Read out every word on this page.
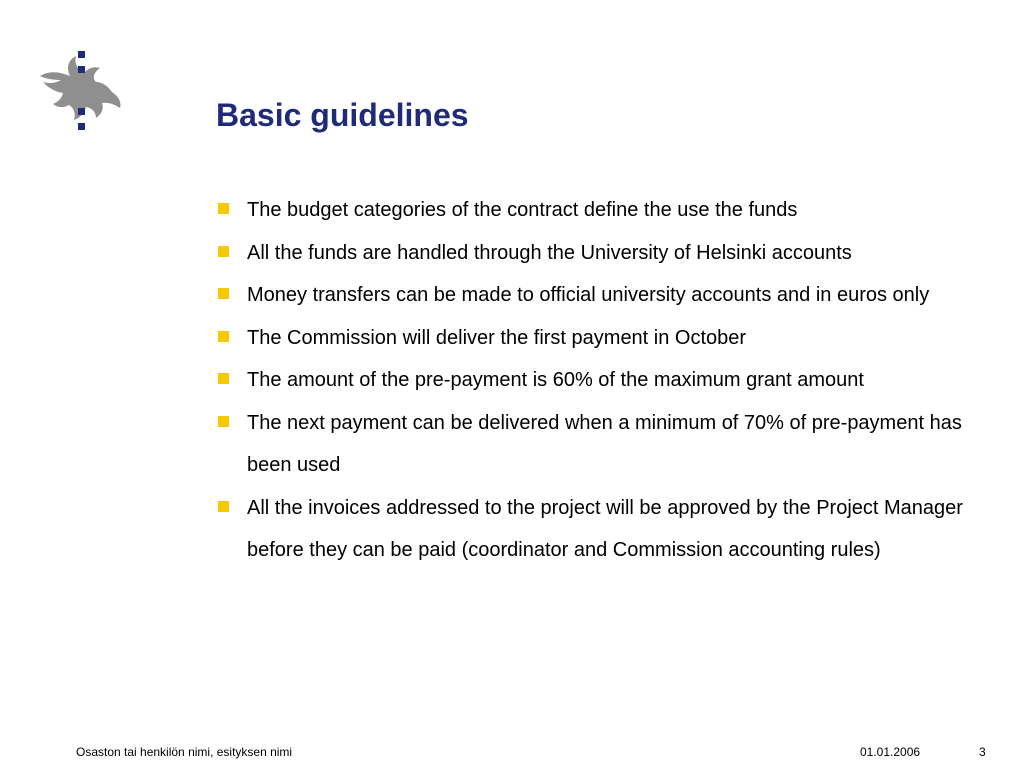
Basic guidelines
The budget categories of the contract define the use the funds
All the funds are handled through the University of Helsinki accounts
Money transfers can be made to official university accounts and in euros only
The Commission will deliver the first payment in October
The amount of the pre-payment is 60% of the maximum grant amount
The next payment can be delivered when a minimum of 70% of pre-payment has been used
All the invoices addressed to the project will be approved by the Project Manager before they can be paid (coordinator and Commission accounting rules)
Osaston tai henkilön nimi, esityksen nimi	01.01.2006	3
